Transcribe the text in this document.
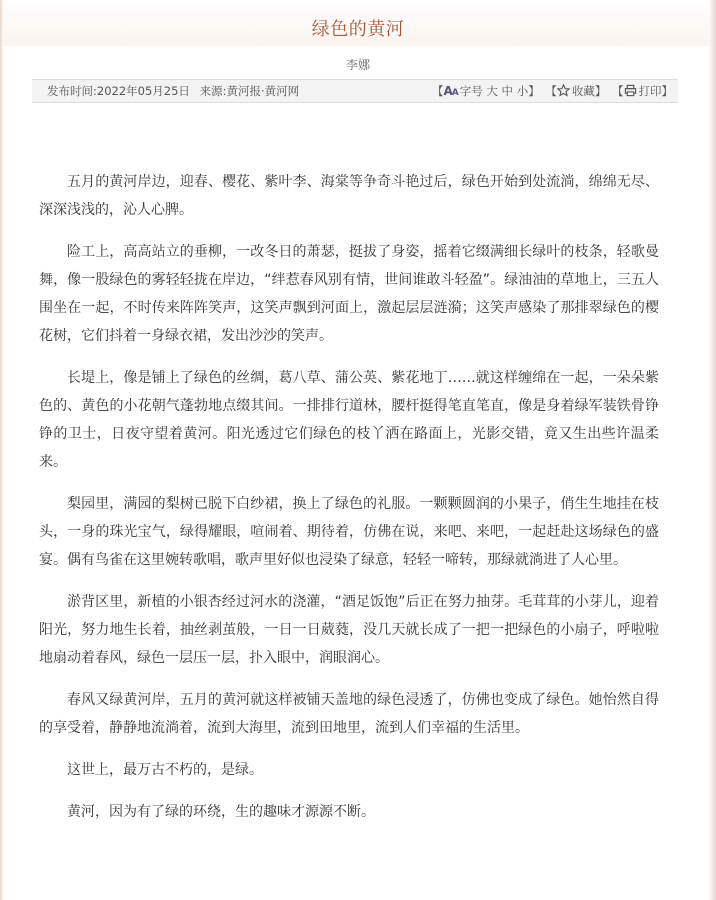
绿色的黄河
李娜
发布时间:2022年05月25日 来源:黄河报·黄河网	【AA 字号 大 中 小】 【 收藏】 【 打印】

五月的黄河岸边，迎春、樱花、紫叶李、海棠等争奇斗艳过后，绿色开始到处流淌，绵绵无尽、深深浅浅的，沁人心脾。

险工上，高高站立的垂柳，一改冬日的萧瑟，挺拔了身姿，摇着它缀满细长绿叶的枝条，轻歌曼舞，像一股绿色的雾轻轻拢在岸边，“绊惹春风别有情，世间谁敢斗轻盈”。绿油油的草地上，三五人围坐在一起，不时传来阵阵笑声，这笑声飘到河面上，激起层层涟漪；这笑声感染了那排翠绿色的樱花树，它们抖着一身绿衣裙，发出沙沙的笑声。

长堤上，像是铺上了绿色的丝绸，葛八草、蒲公英、紫花地丁……就这样缠绵在一起，一朵朵紫色的、黄色的小花朝气蓬勃地点缀其间。一排排行道林，腰杆挺得笔直笔直，像是身着绿军装铁骨铮铮的卫士，日夜守望着黄河。阳光透过它们绿色的枝丫洒在路面上，光影交错，竟又生出些许温柔来。

梨园里，满园的梨树已脱下白纱裙，换上了绿色的礼服。一颗颗圆润的小果子，俏生生地挂在枝头，一身的珠光宝气，绿得耀眼，喧闹着、期待着，仿佛在说，来吧、来吧，一起赶赴这场绿色的盛宴。偶有鸟雀在这里婉转歌唱，歌声里好似也浸染了绿意，轻轻一啼转，那绿就淌进了人心里。

淤背区里，新植的小银杏经过河水的浇灌，“酒足饭饱”后正在努力抽芽。毛茸茸的小芽儿，迎着阳光，努力地生长着，抽丝剥茧般，一日一日葳蕤，没几天就长成了一把一把绿色的小扇子，呼啦啦地扇动着春风，绿色一层压一层，扑入眼中，润眼润心。

春风又绿黄河岸，五月的黄河就这样被铺天盖地的绿色浸透了，仿佛也变成了绿色。她怡然自得的享受着，静静地流淌着，流到大海里，流到田地里，流到人们幸福的生活里。

这世上，最万古不朽的，是绿。

黄河，因为有了绿的环绕，生的趣味才源源不断。
